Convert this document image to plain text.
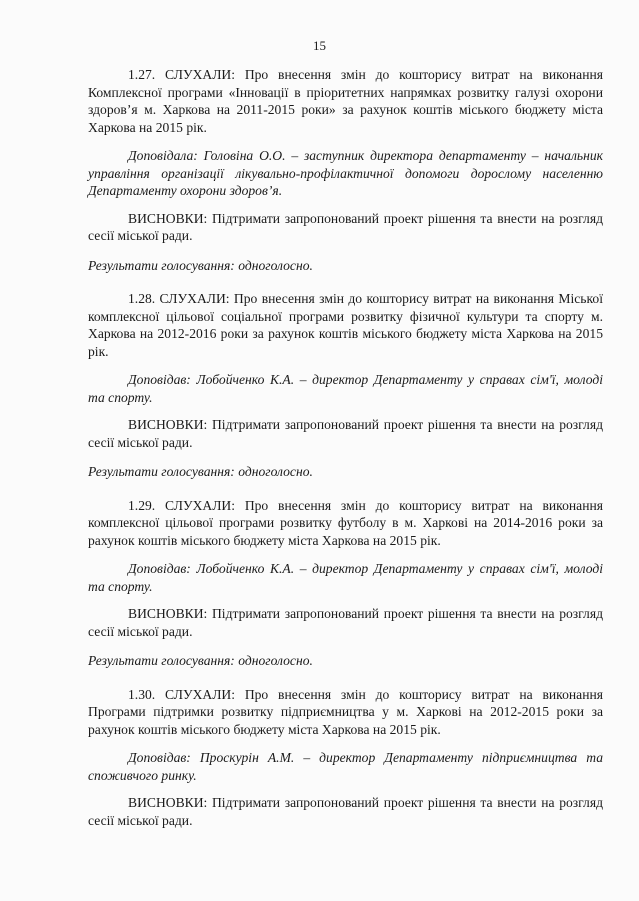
15

1.27. СЛУХАЛИ: Про внесення змін до кошторису витрат на виконання Комплексної програми «Інновації в пріоритетних напрямках розвитку галузі охорони здоров’я м. Харкова на 2011-2015 роки» за рахунок коштів міського бюджету міста Харкова на 2015 рік.

Доповідала: Головіна О.О. – заступник директора департаменту – начальник управління організації лікувально-профілактичної допомоги дорослому населенню Департаменту охорони здоров’я.

ВИСНОВКИ: Підтримати запропонований проект рішення та внести на розгляд сесії міської ради.

Результати голосування: одноголосно.

1.28. СЛУХАЛИ: Про внесення змін до кошторису витрат на виконання Міської комплексної цільової соціальної програми розвитку фізичної культури та спорту м. Харкова на 2012-2016 роки за рахунок коштів міського бюджету міста Харкова на 2015 рік.

Доповідав: Лобойченко К.А. – директор Департаменту у справах сім'ї, молоді та спорту.

ВИСНОВКИ: Підтримати запропонований проект рішення та внести на розгляд сесії міської ради.

Результати голосування: одноголосно.

1.29. СЛУХАЛИ: Про внесення змін до кошторису витрат на виконання комплексної цільової програми розвитку футболу в м. Харкові на 2014-2016 роки за рахунок коштів міського бюджету міста Харкова на 2015 рік.

Доповідав: Лобойченко К.А. – директор Департаменту у справах сім'ї, молоді та спорту.

ВИСНОВКИ: Підтримати запропонований проект рішення та внести на розгляд сесії міської ради.

Результати голосування: одноголосно.

1.30. СЛУХАЛИ: Про внесення змін до кошторису витрат на виконання Програми підтримки розвитку підприємництва у м. Харкові на 2012-2015 роки за рахунок коштів міського бюджету міста Харкова на 2015 рік.

Доповідав: Проскурін А.М. – директор Департаменту підприємництва та споживчого ринку.

ВИСНОВКИ: Підтримати запропонований проект рішення та внести на розгляд сесії міської ради.
